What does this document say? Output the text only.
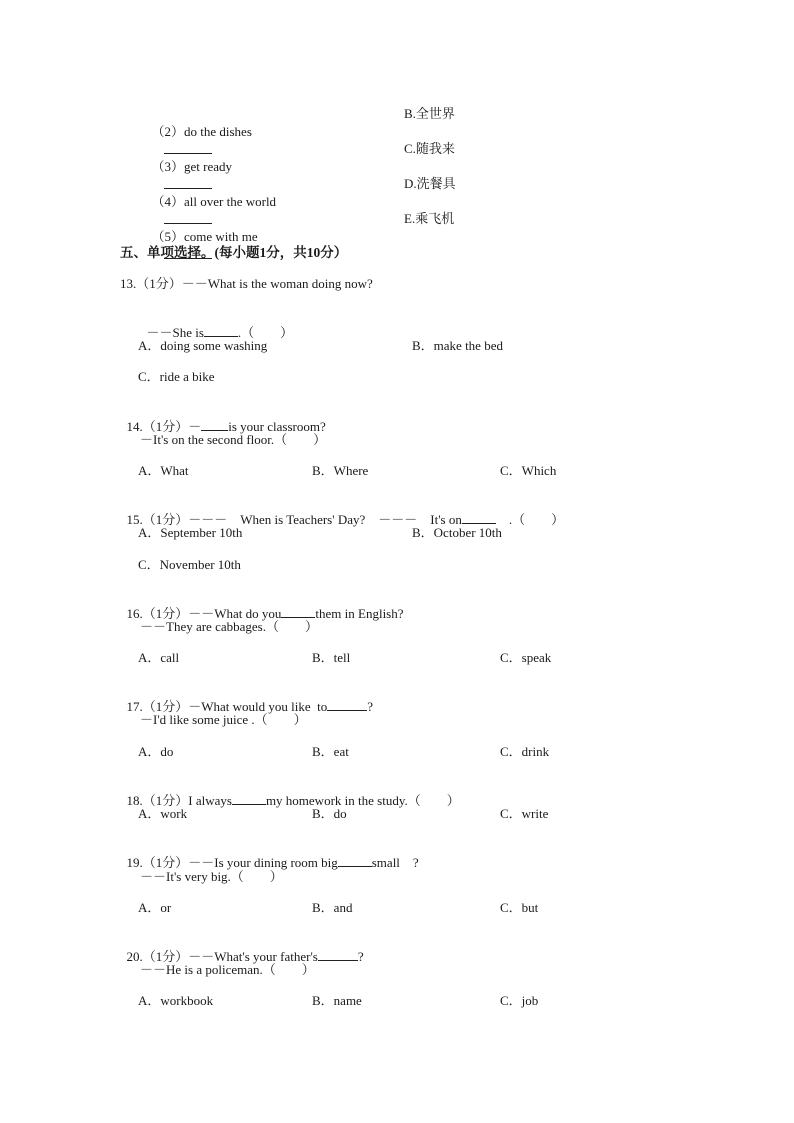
（2）do the dishes

B.全世界

（3）get ready

C.随我来

（4）all over the world

D.洗餐具

（5）come with me

E.乘飞机
五、单项选择。(每小题1分，共10分）
13.（1分）－－What is the woman doing now?

－－She is	.（　　）

A．doing some washing	B．make the bed
C．ride a bike

14.（1分）－ is your classroom?

－It's on the second floor.（　　）
A．What	B．Where	C．Which

15.（1分）－－－　When is Teachers' Day?　－－－　It's on	　.（　　）

A．September 10th	B．October 10th
C．November 10th

16.（1分）－－What do you	them in English?

－－They are cabbages.（　　）
A．call	B．tell	C．speak

17.（1分）－What would you like  to	?

－I'd like some juice .（　　）
A．do	B．eat	C．drink

18.（1分）I always	my homework in the study.（　　）

A．work	B．do	C．write

19.（1分）－－Is your dining room big	small　?

－－It's very big.（　　）
A．or	B．and	C．but

20.（1分）－－What's your father's	?

－－He is a policeman.（　　）
A．workbook	B．name	C．job
